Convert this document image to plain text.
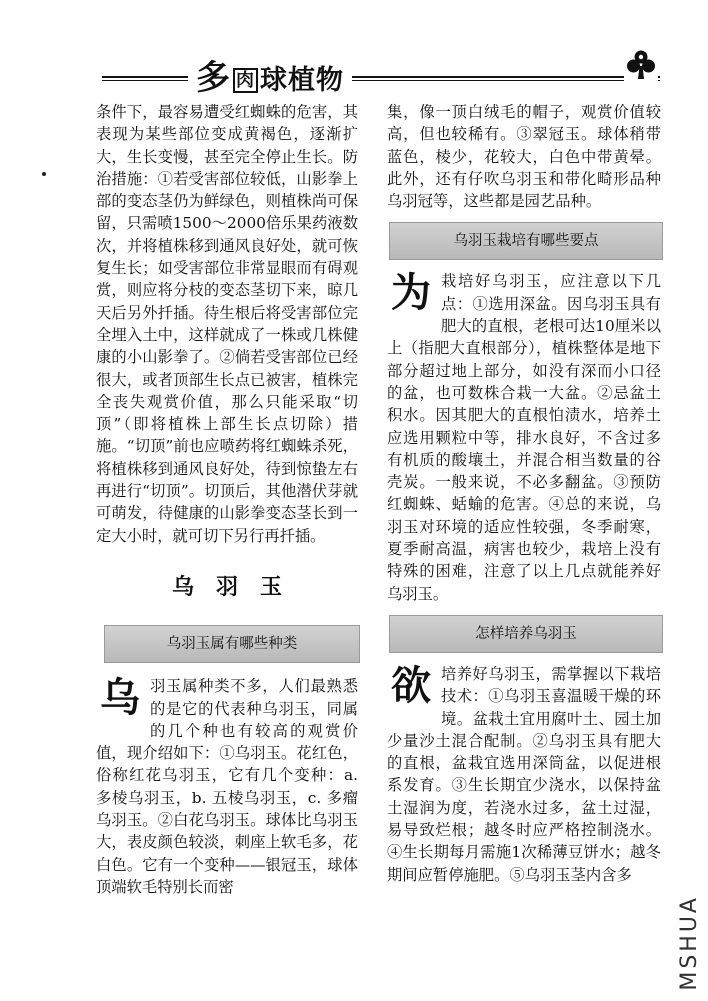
多肉 球植物

条件下，最容易遭受红蜘蛛的危害，其表现为某些部位变成黄褐色，逐渐扩大，生长变慢，甚至完全停止生长。防治措施：①若受害部位较低，山影拳上部的变态茎仍为鲜绿色，则植株尚可保留，只需喷1500～2000倍乐果药液数次，并将植株移到通风良好处，就可恢复生长；如受害部位非常显眼而有碍观赏，则应将分枝的变态茎切下来，晾几天后另外扦插。待生根后将受害部位完全埋入土中，这样就成了一株或几株健康的小山影拳了。②倘若受害部位已经很大，或者顶部生长点已被害，植株完全丧失观赏价值，那么只能采取“切顶”（即将植株上部生长点切除）措施。“切顶”前也应喷药将红蜘蛛杀死，将植株移到通风良好处，待到惊蛰左右再进行“切顶”。切顶后，其他潜伏芽就可萌发，待健康的山影拳变态茎长到一定大小时，就可切下另行再扦插。

乌羽玉
乌羽玉属有哪些种类
乌 羽玉属种类不多，人们最熟悉的是它的代表种乌羽玉，同属的几个种也有较高的观赏价值，现介绍如下：①乌羽玉。花红色，俗称红花乌羽玉，它有几个变种：a. 多棱乌羽玉，b. 五棱乌羽玉，c. 多瘤乌羽玉。②白花乌羽玉。球体比乌羽玉大，表皮颜色较淡，刺座上软毛多，花白色。它有一个变种——银冠玉，球体顶端软毛特别长而密

集，像一顶白绒毛的帽子，观赏价值较高，但也较稀有。③翠冠玉。球体稍带蓝色，棱少，花较大，白色中带黄晕。此外，还有仔吹乌羽玉和带化畸形品种乌羽冠等，这些都是园艺品种。

乌羽玉栽培有哪些要点
为 栽培好乌羽玉，应注意以下几点：①选用深盆。因乌羽玉具有肥大的直根，老根可达10厘米以上（指肥大直根部分），植株整体是地下部分超过地上部分，如没有深而小口径的盆，也可数株合栽一大盆。②忌盆土积水。因其肥大的直根怕渍水，培养土应选用颗粒中等，排水良好，不含过多有机质的酸壤土，并混合相当数量的谷壳炭。一般来说，不必多翻盆。③预防红蜘蛛、蛞蝓的危害。④总的来说，乌羽玉对环境的适应性较强，冬季耐寒，夏季耐高温，病害也较少，栽培上没有特殊的困难，注意了以上几点就能养好乌羽玉。

怎样培养乌羽玉
欲 培养好乌羽玉，需掌握以下栽培技术：①乌羽玉喜温暖干燥的环境。盆栽土宜用腐叶土、园土加少量沙土混合配制。②乌羽玉具有肥大的直根，盆栽宜选用深筒盆，以促进根系发育。③生长期宜少浇水，以保持盆土湿润为度，若浇水过多，盆土过湿，易导致烂根；越冬时应严格控制浇水。④生长期每月需施1次稀薄豆饼水；越冬期间应暂停施肥。⑤乌羽玉茎内含多

MSHUA
